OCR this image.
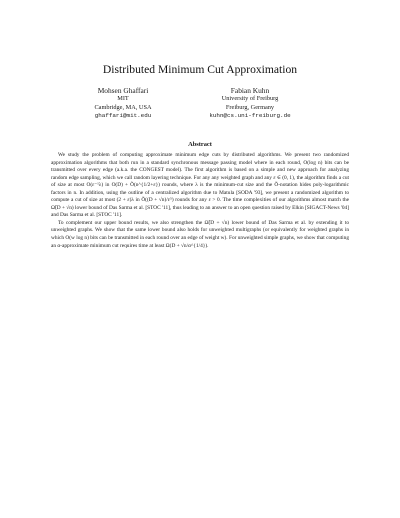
Distributed Minimum Cut Approximation
Mohsen Ghaffari
MIT
Cambridge, MA, USA
ghaffari@mit.edu
Fabian Kuhn
University of Freiburg
Freiburg, Germany
kuhn@cs.uni-freiburg.de
Abstract

We study the problem of computing approximate minimum edge cuts by distributed algorithms. We present two randomized approximation algorithms that both run in a standard synchronous message passing model where in each round, O(log n) bits can be transmitted over every edge (a.k.a. the CONGEST model). The first algorithm is based on a simple and new approach for analyzing random edge sampling, which we call random layering technique. For any any weighted graph and any ε ∈ (0, 1), the algorithm finds a cut of size at most O(ε⁻¹λ) in O(D) + Õ(n^{1/2+ε}) rounds, where λ is the minimum-cut size and the Õ-notation hides poly-logarithmic factors in n. In addition, using the outline of a centralized algorithm due to Matula [SODA '93], we present a randomized algorithm to compute a cut of size at most (2 + ε)λ in Õ((D + √n)/ε⁵) rounds for any ε > 0. The time complexities of our algorithms almost match the Ω̃(D + √n) lower bound of Das Sarma et al. [STOC '11], thus leading to an answer to an open question raised by Elkin [SIGACT-News '04] and Das Sarma et al. [STOC '11].

To complement our upper bound results, we also strengthen the Ω̃(D + √n) lower bound of Das Sarma et al. by extending it to unweighted graphs. We show that the same lower bound also holds for unweighted multigraphs (or equivalently for weighted graphs in which O(w log n) bits can be transmitted in each round over an edge of weight w). For unweighted simple graphs, we show that computing an α-approximate minimum cut requires time at least Ω(D + √n/α^{1/4}).
